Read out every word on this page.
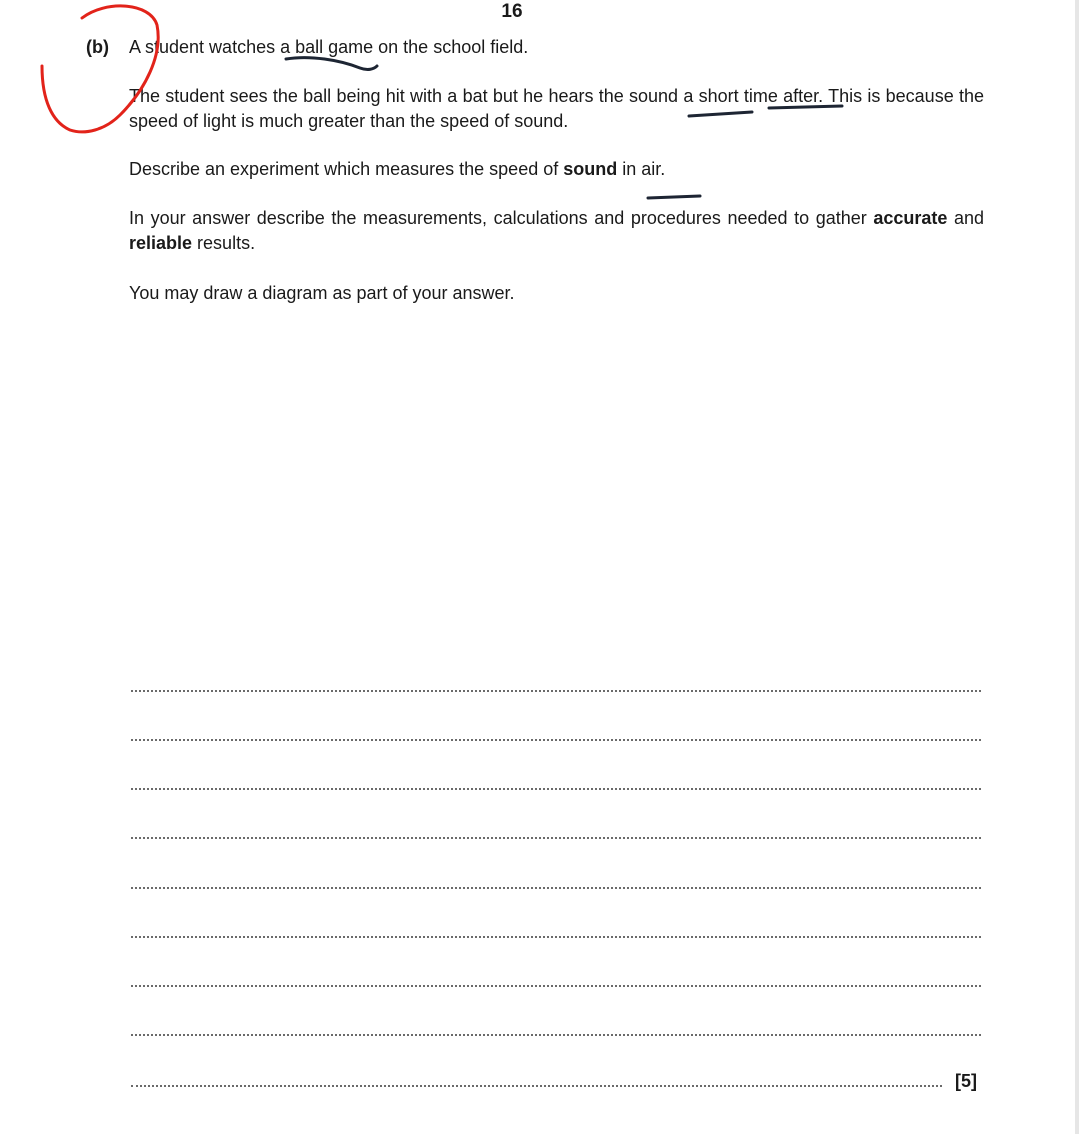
16
(b) A student watches a ball game on the school field.
The student sees the ball being hit with a bat but he hears the sound a short time after. This is because the speed of light is much greater than the speed of sound.
Describe an experiment which measures the speed of sound in air.
In your answer describe the measurements, calculations and procedures needed to gather accurate and reliable results.
You may draw a diagram as part of your answer.
[5]
